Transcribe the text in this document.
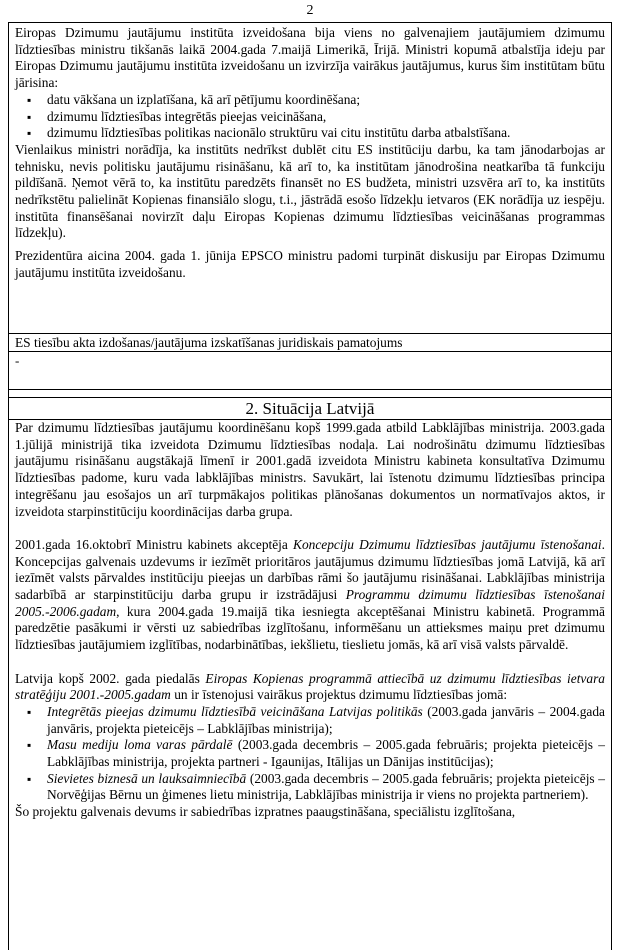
2

Eiropas Dzimumu jautājumu institūta izveidošana bija viens no galvenajiem jautājumiem dzimumu līdztiesības ministru tikšanās laikā 2004.gada 7.maijā Limerikā, Īrijā. Ministri kopumā atbalstīja ideju par Eiropas Dzimumu jautājumu institūta izveidošanu un izvirzīja vairākus jautājumus, kurus šim institūtam būtu jārisina:

▪ datu vākšana un izplatīšana, kā arī pētījumu koordinēšana;
▪ dzimumu līdztiesības integrētās pieejas veicināšana,
▪ dzimumu līdztiesības politikas nacionālo struktūru vai citu institūtu darba atbalstīšana.

Vienlaikus ministri norādīja, ka institūts nedrīkst dublēt citu ES institūciju darbu, ka tam jānodarbojas ar tehnisku, nevis politisku jautājumu risināšanu, kā arī to, ka institūtam jānodrošina neatkarība tā funkciju pildīšanā. Ņemot vērā to, ka institūtu paredzēts finansēt no ES budžeta, ministri uzsvēra arī to, ka institūts nedrīkstētu palielināt Kopienas finansiālo slogu, t.i., jāstrādā esošo līdzekļu ietvaros (EK norādīja uz iespēju. institūta finansēšanai novirzīt daļu Eiropas Kopienas dzimumu līdztiesības veicināšanas programmas līdzekļu).

Prezidentūra aicina 2004. gada 1. jūnija EPSCO ministru padomi turpināt diskusiju par Eiropas Dzimumu jautājumu institūta izveidošanu.

ES tiesību akta izdošanas/jautājuma izskatīšanas juridiskais pamatojums

-
2. Situācija Latvijā

Par dzimumu līdztiesības jautājumu koordinēšanu kopš 1999.gada atbild Labklājības ministrija. 2003.gada 1.jūlijā ministrijā tika izveidota Dzimumu līdztiesības nodaļa. Lai nodrošinātu dzimumu līdztiesības jautājumu risināšanu augstākajā līmenī ir 2001.gadā izveidota Ministru kabineta konsultatīva Dzimumu līdztiesības padome, kuru vada labklājības ministrs. Savukārt, lai īstenotu dzimumu līdztiesības principa integrēšanu jau esošajos un arī turpmākajos politikas plānošanas dokumentos un normatīvajos aktos, ir izveidota starpinstitūciju koordinācijas darba grupa.

2001.gada 16.oktobrī Ministru kabinets akceptēja Koncepciju Dzimumu līdztiesības jautājumu īstenošanai. Koncepcijas galvenais uzdevums ir iezīmēt prioritāros jautājumus dzimumu līdztiesības jomā Latvijā, kā arī iezīmēt valsts pārvaldes institūciju pieejas un darbības rāmi šo jautājumu risināšanai. Labklājības ministrija sadarbībā ar starpinstitūciju darba grupu ir izstrādājusi Programmu dzimumu līdztiesības īstenošanai 2005.-2006.gadam, kura 2004.gada 19.maijā tika iesniegta akceptēšanai Ministru kabinetā. Programmā paredzētie pasākumi ir vērsti uz sabiedrības izglītošanu, informēšanu un attieksmes maiņu pret dzimumu līdztiesības jautājumiem izglītības, nodarbinātības, iekšlietu, tieslietu jomās, kā arī visā valsts pārvaldē.

Latvija kopš 2002. gada piedalās Eiropas Kopienas programmā attiecībā uz dzimumu līdztiesības ietvara stratēģiju 2001.-2005.gadam un ir īstenojusi vairākus projektus dzimumu līdztiesības jomā:

▪ Integrētās pieejas dzimumu līdztiesībā veicināšana Latvijas politikās (2003.gada janvāris – 2004.gada janvāris, projekta pieteicējs – Labklājības ministrija);
▪ Masu mediju loma varas pārdalē (2003.gada decembris – 2005.gada februāris; projekta pieteicējs – Labklājības ministrija, projekta partneri - Igaunijas, Itālijas un Dānijas institūcijas);
▪ Sievietes biznesā un lauksaimniecībā (2003.gada decembris – 2005.gada februāris; projekta pieteicējs – Norvēģijas Bērnu un ģimenes lietu ministrija, Labklājības ministrija ir viens no projekta partneriem).

Šo projektu galvenais devums ir sabiedrības izpratnes paaugstināšana, speciālistu izglītošana,
